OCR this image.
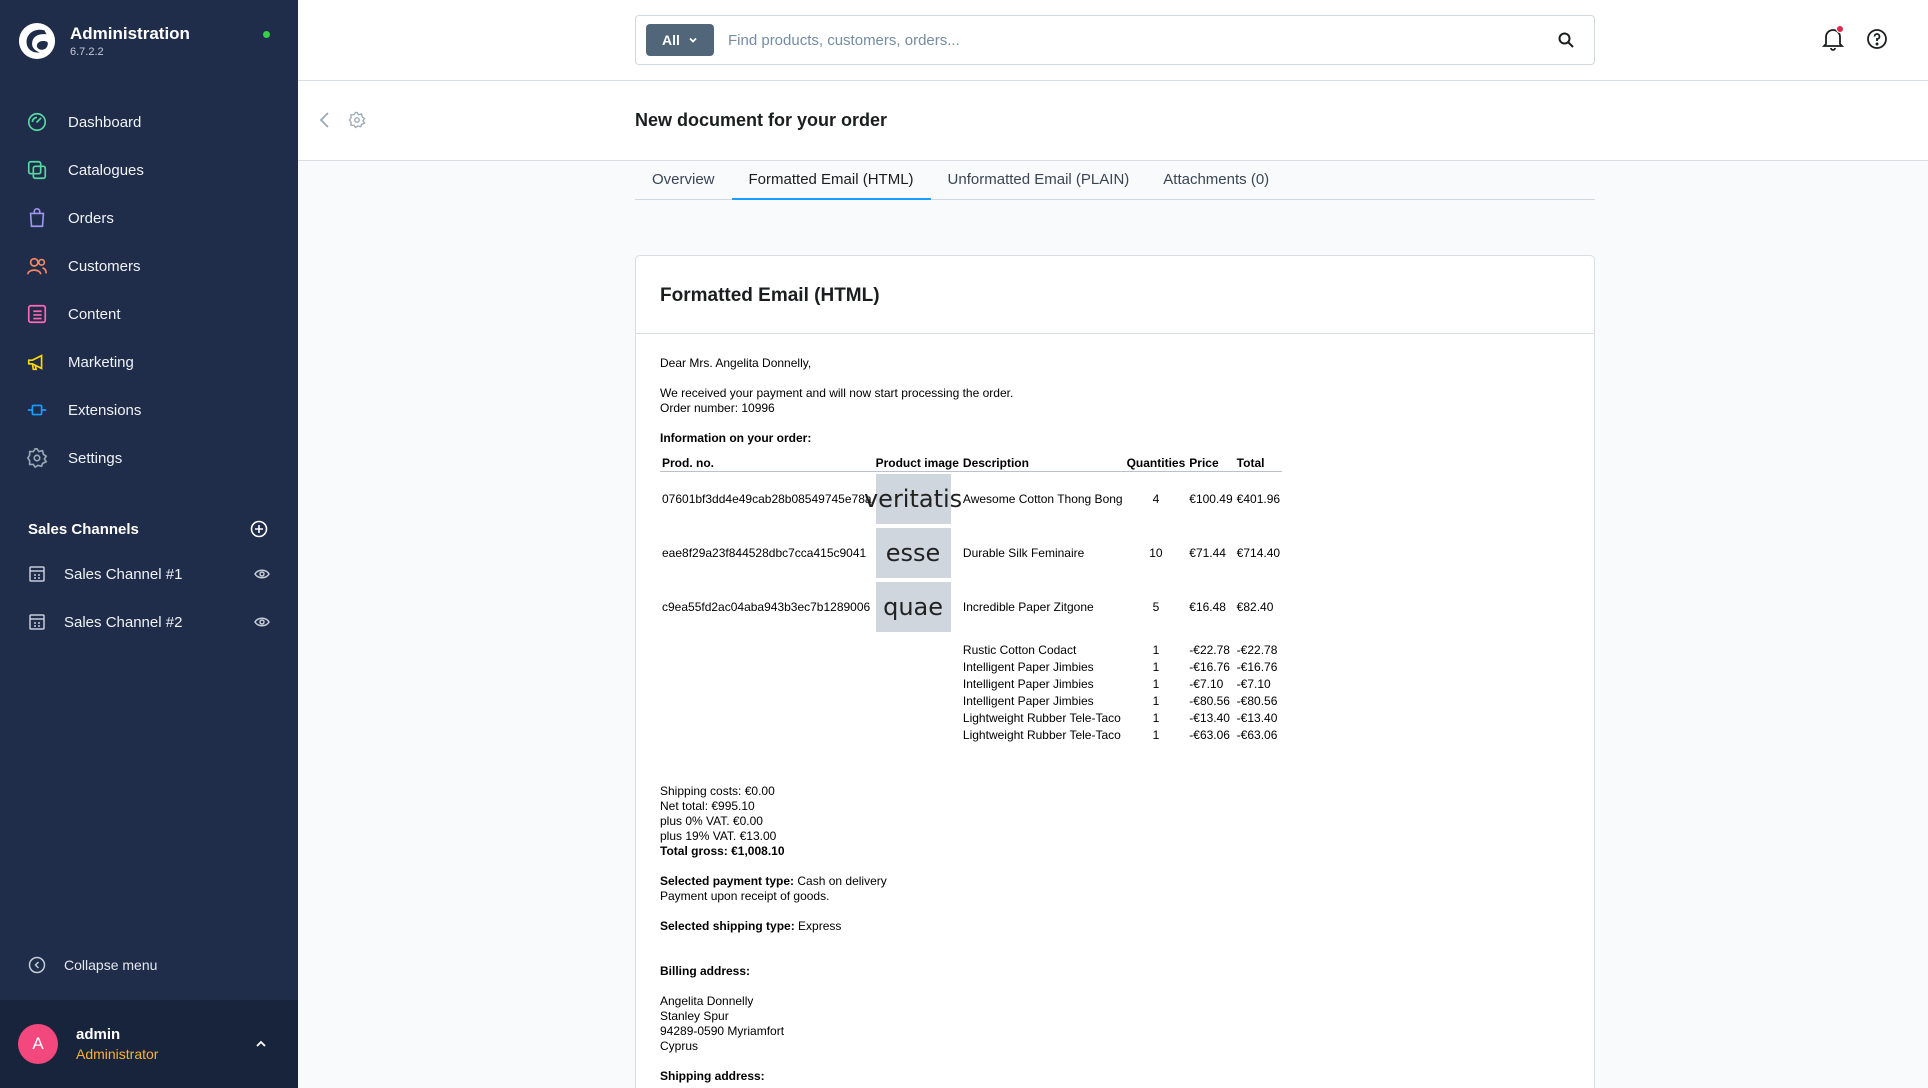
Administration
6.7.2.2
Dashboard
Catalogues
Orders
Customers
Content
Marketing
Extensions
Settings
Sales Channels
Sales Channel #1
Sales Channel #2
Collapse menu
A	admin
Administrator
All
Find products, customers, orders...
New document for your order
Overview	Formatted Email (HTML)	Unformatted Email (PLAIN)	Attachments (0)
Formatted Email (HTML)

Dear Mrs. Angelita Donnelly,

We received your payment and will now start processing the order.

Order number: 10996

Information on your order:
Prod. no.	Product image	Description	Quantities	Price	Total
07601bf3dd4e49cab28b08549745e78a	veritatis	Awesome Cotton Thong Bong	4	€100.49	€401.96
eae8f29a23f844528dbc7cca415c9041	esse	Durable Silk Feminaire	10	€71.44	€714.40
c9ea55fd2ac04aba943b3ec7b1289006	quae	Incredible Paper Zitgone	5	€16.48	€82.40
		Rustic Cotton Codact	1	-€22.78	-€22.78
		Intelligent Paper Jimbies	1	-€16.76	-€16.76
		Intelligent Paper Jimbies	1	-€7.10	-€7.10
		Intelligent Paper Jimbies	1	-€80.56	-€80.56
		Lightweight Rubber Tele-Taco	1	-€13.40	-€13.40
		Lightweight Rubber Tele-Taco	1	-€63.06	-€63.06
Shipping costs: €0.00
Net total: €995.10
plus 0% VAT. €0.00
plus 19% VAT. €13.00
Total gross: €1,008.10
Selected payment type: Cash on delivery
Payment upon receipt of goods.
Selected shipping type: Express
Billing address:
Angelita Donnelly
Stanley Spur
94289-0590 Myriamfort
Cyprus
Shipping address:
